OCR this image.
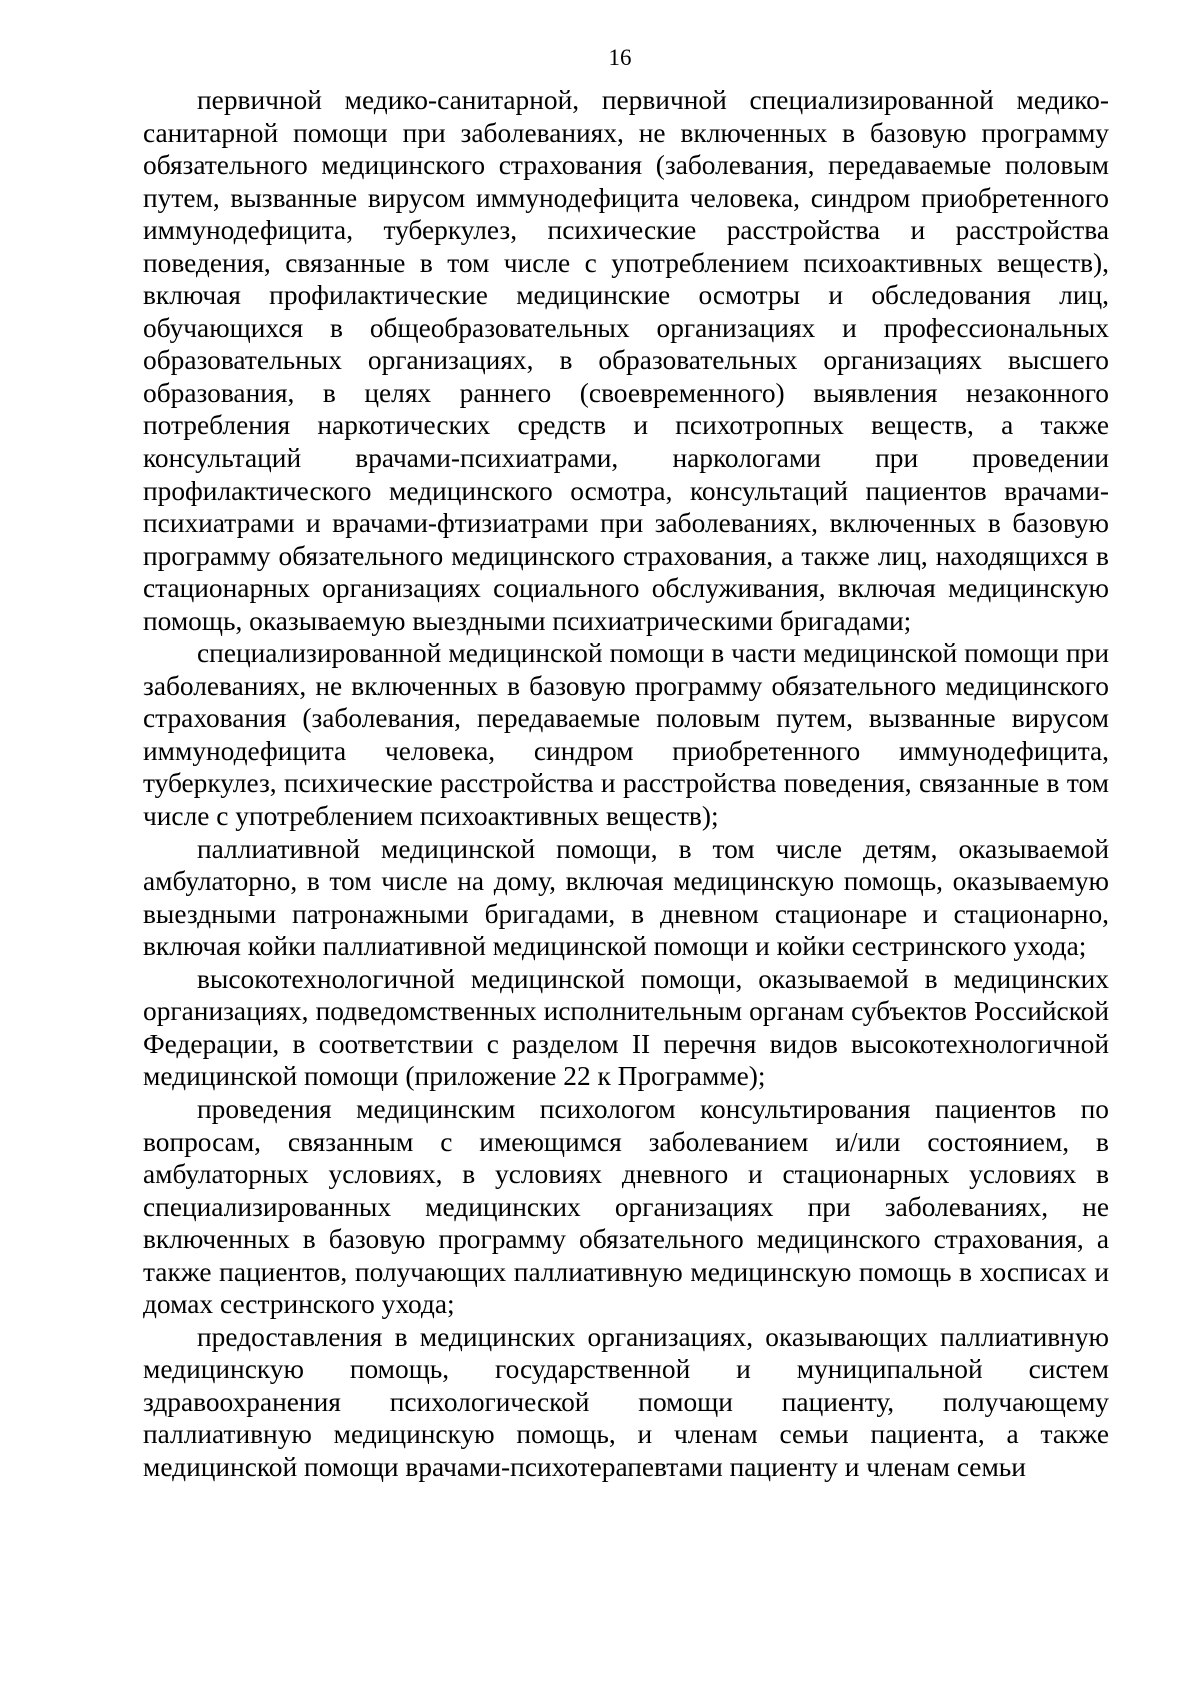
16

первичной медико-санитарной, первичной специализированной медико-санитарной помощи при заболеваниях, не включенных в базовую программу обязательного медицинского страхования (заболевания, передаваемые половым путем, вызванные вирусом иммунодефицита человека, синдром приобретенного иммунодефицита, туберкулез, психические расстройства и расстройства поведения, связанные в том числе с употреблением психоактивных веществ), включая профилактические медицинские осмотры и обследования лиц, обучающихся в общеобразовательных организациях и профессиональных образовательных организациях, в образовательных организациях высшего образования, в целях раннего (своевременного) выявления незаконного потребления наркотических средств и психотропных веществ, а также консультаций врачами-психиатрами, наркологами при проведении профилактического медицинского осмотра, консультаций пациентов врачами-психиатрами и врачами-фтизиатрами при заболеваниях, включенных в базовую программу обязательного медицинского страхования, а также лиц, находящихся в стационарных организациях социального обслуживания, включая медицинскую помощь, оказываемую выездными психиатрическими бригадами;

специализированной медицинской помощи в части медицинской помощи при заболеваниях, не включенных в базовую программу обязательного медицинского страхования (заболевания, передаваемые половым путем, вызванные вирусом иммунодефицита человека, синдром приобретенного иммунодефицита, туберкулез, психические расстройства и расстройства поведения, связанные в том числе с употреблением психоактивных веществ);

паллиативной медицинской помощи, в том числе детям, оказываемой амбулаторно, в том числе на дому, включая медицинскую помощь, оказываемую выездными патронажными бригадами, в дневном стационаре и стационарно, включая койки паллиативной медицинской помощи и койки сестринского ухода;

высокотехнологичной медицинской помощи, оказываемой в медицинских организациях, подведомственных исполнительным органам субъектов Российской Федерации, в соответствии с разделом II перечня видов высокотехнологичной медицинской помощи (приложение 22 к Программе);

проведения медицинским психологом консультирования пациентов по вопросам, связанным с имеющимся заболеванием и/или состоянием, в амбулаторных условиях, в условиях дневного и стационарных условиях в специализированных медицинских организациях при заболеваниях, не включенных в базовую программу обязательного медицинского страхования, а также пациентов, получающих паллиативную медицинскую помощь в хосписах и домах сестринского ухода;

предоставления в медицинских организациях, оказывающих паллиативную медицинскую помощь, государственной и муниципальной систем здравоохранения психологической помощи пациенту, получающему паллиативную медицинскую помощь, и членам семьи пациента, а также медицинской помощи врачами-психотерапевтами пациенту и членам семьи
